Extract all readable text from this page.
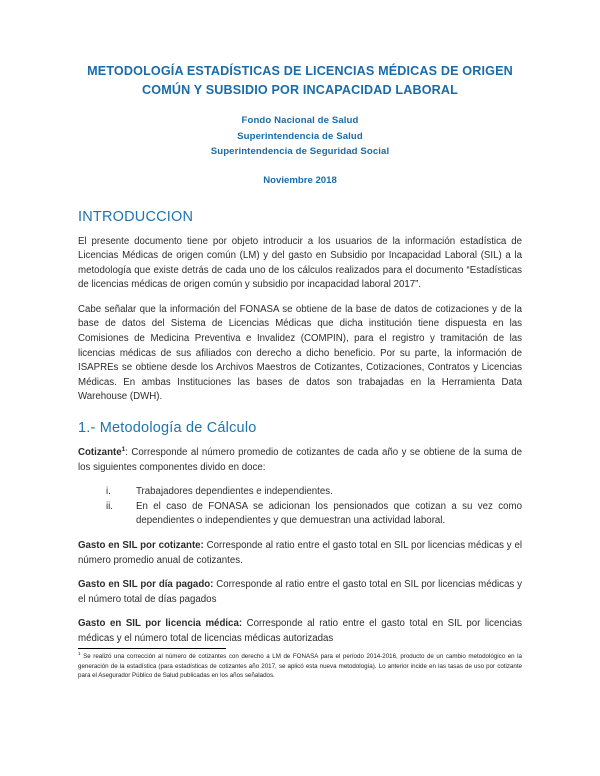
METODOLOGÍA ESTADÍSTICAS DE LICENCIAS MÉDICAS DE ORIGEN
COMÚN Y SUBSIDIO POR INCAPACIDAD LABORAL
Fondo Nacional de Salud
Superintendencia de Salud
Superintendencia de Seguridad Social
Noviembre 2018
INTRODUCCION

El presente documento tiene por objeto introducir a los usuarios de la información estadística de Licencias Médicas de origen común (LM) y del gasto en Subsidio por Incapacidad Laboral (SIL) a la metodología que existe detrás de cada uno de los cálculos realizados para el documento “Estadísticas de licencias médicas de origen común y subsidio por incapacidad laboral 2017”.

Cabe señalar que la información del FONASA se obtiene de la base de datos de cotizaciones y de la base de datos del Sistema de Licencias Médicas que dicha institución tiene dispuesta en las Comisiones de Medicina Preventiva e Invalidez (COMPIN), para el registro y tramitación de las licencias médicas de sus afiliados con derecho a dicho beneficio. Por su parte, la información de ISAPREs se obtiene desde los Archivos Maestros de Cotizantes, Cotizaciones, Contratos y Licencias Médicas. En ambas Instituciones las bases de datos son trabajadas en la Herramienta Data Warehouse (DWH).

1.- Metodología de Cálculo

Cotizante$^1$: Corresponde al número promedio de cotizantes de cada año y se obtiene de la suma de los siguientes componentes divido en doce:

i.	Trabajadores dependientes e independientes.
ii.	En el caso de FONASA se adicionan los pensionados que cotizan a su vez como dependientes o independientes y que demuestran una actividad laboral.

Gasto en SIL por cotizante: Corresponde al ratio entre el gasto total en SIL por licencias médicas y el número promedio anual de cotizantes.

Gasto en SIL por día pagado: Corresponde al ratio entre el gasto total en SIL por licencias médicas y el número total de días pagados

Gasto en SIL por licencia médica: Corresponde al ratio entre el gasto total en SIL por licencias médicas y el número total de licencias médicas autorizadas

$^1$ Se realizó una corrección al número de cotizantes con derecho a LM de FONASA para el período 2014-2016, producto de un cambio metodológico en la generación de la estadística (para estadísticas de cotizantes año 2017, se aplicó esta nueva metodología). Lo anterior incide en las tasas de uso por cotizante para el Asegurador Público de Salud publicadas en los años señalados.
